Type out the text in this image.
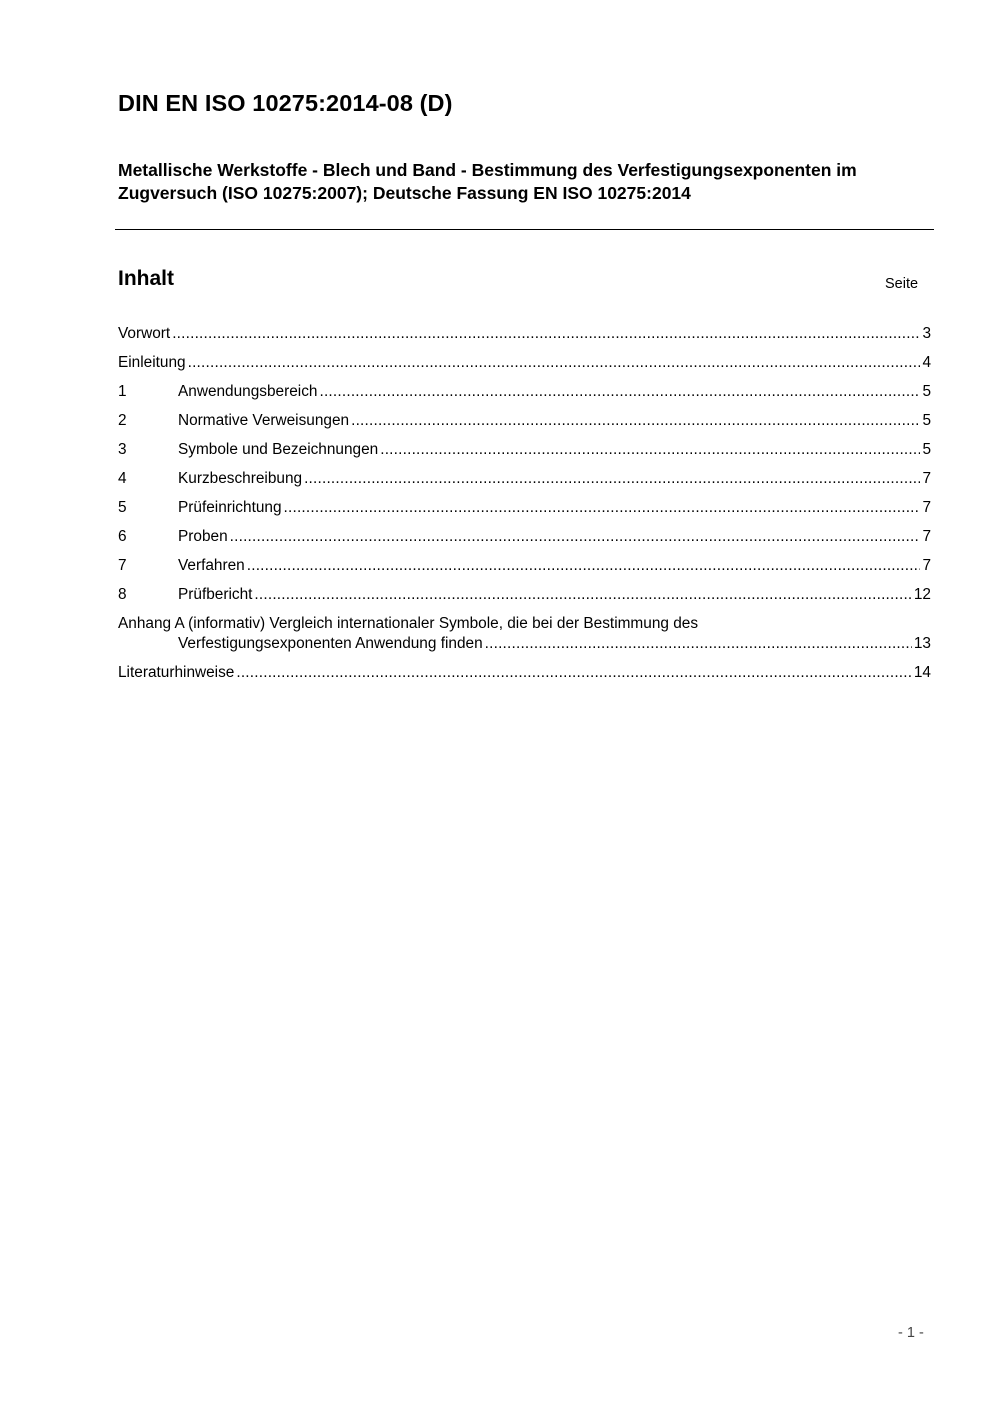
DIN EN ISO 10275:2014-08 (D)
Metallische Werkstoffe - Blech und Band - Bestimmung des Verfestigungsexponenten im Zugversuch (ISO 10275:2007); Deutsche Fassung EN ISO 10275:2014
Inhalt	Seite
Vorwort .....	3
Einleitung .....	4
1	Anwendungsbereich .....	5
2	Normative Verweisungen .....	5
3	Symbole und Bezeichnungen .....	5
4	Kurzbeschreibung .....	7
5	Prüfeinrichtung .....	7
6	Proben .....	7
7	Verfahren .....	7
8	Prüfbericht .....	12
Anhang A (informativ) Vergleich internationaler Symbole, die bei der Bestimmung des
Verfestigungsexponenten Anwendung finden .....	13
Literaturhinweise .....	14
- 1 -
